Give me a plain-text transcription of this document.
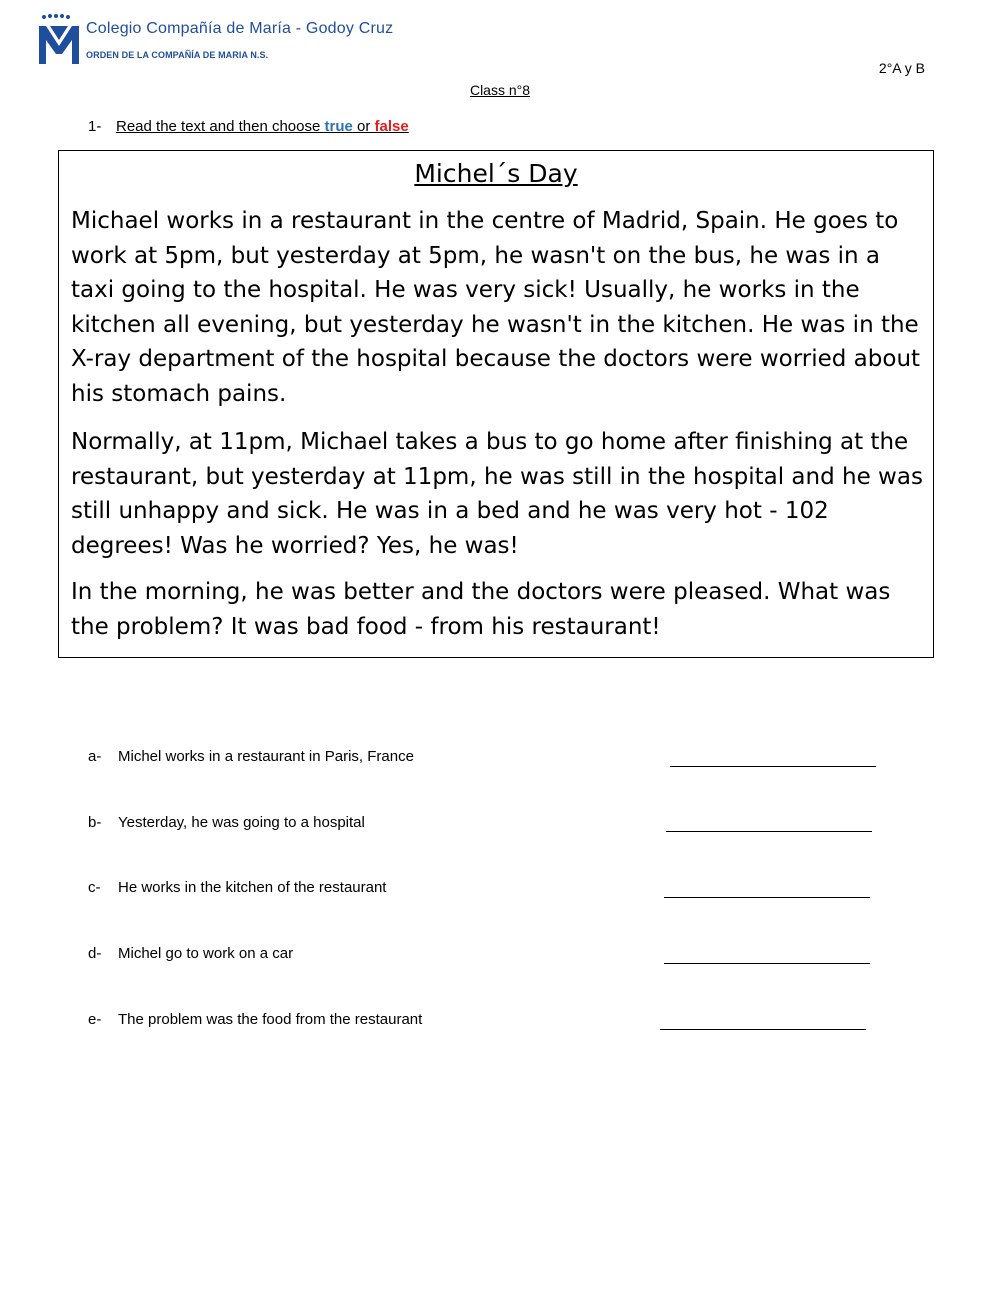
Colegio Compañía de María - Godoy Cruz
ORDEN DE LA COMPAÑÍA DE MARIA N.S.
2°A y B
Class n°8
1- Read the text and then choose true or false
Michel´s Day

Michael works in a restaurant in the centre of Madrid, Spain. He goes to work at 5pm, but yesterday at 5pm, he wasn't on the bus, he was in a taxi going to the hospital. He was very sick! Usually, he works in the kitchen all evening, but yesterday he wasn't in the kitchen. He was in the X-ray department of the hospital because the doctors were worried about his stomach pains.

Normally, at 11pm, Michael takes a bus to go home after finishing at the restaurant, but yesterday at 11pm, he was still in the hospital and he was still unhappy and sick. He was in a bed and he was very hot - 102 degrees! Was he worried? Yes, he was!

In the morning, he was better and the doctors were pleased. What was the problem? It was bad food - from his restaurant!

a- Michel works in a restaurant in Paris, France
b- Yesterday, he was going to a hospital
c- He works in the kitchen of the restaurant
d- Michel go to work on a car
e- The problem was the food from the restaurant
